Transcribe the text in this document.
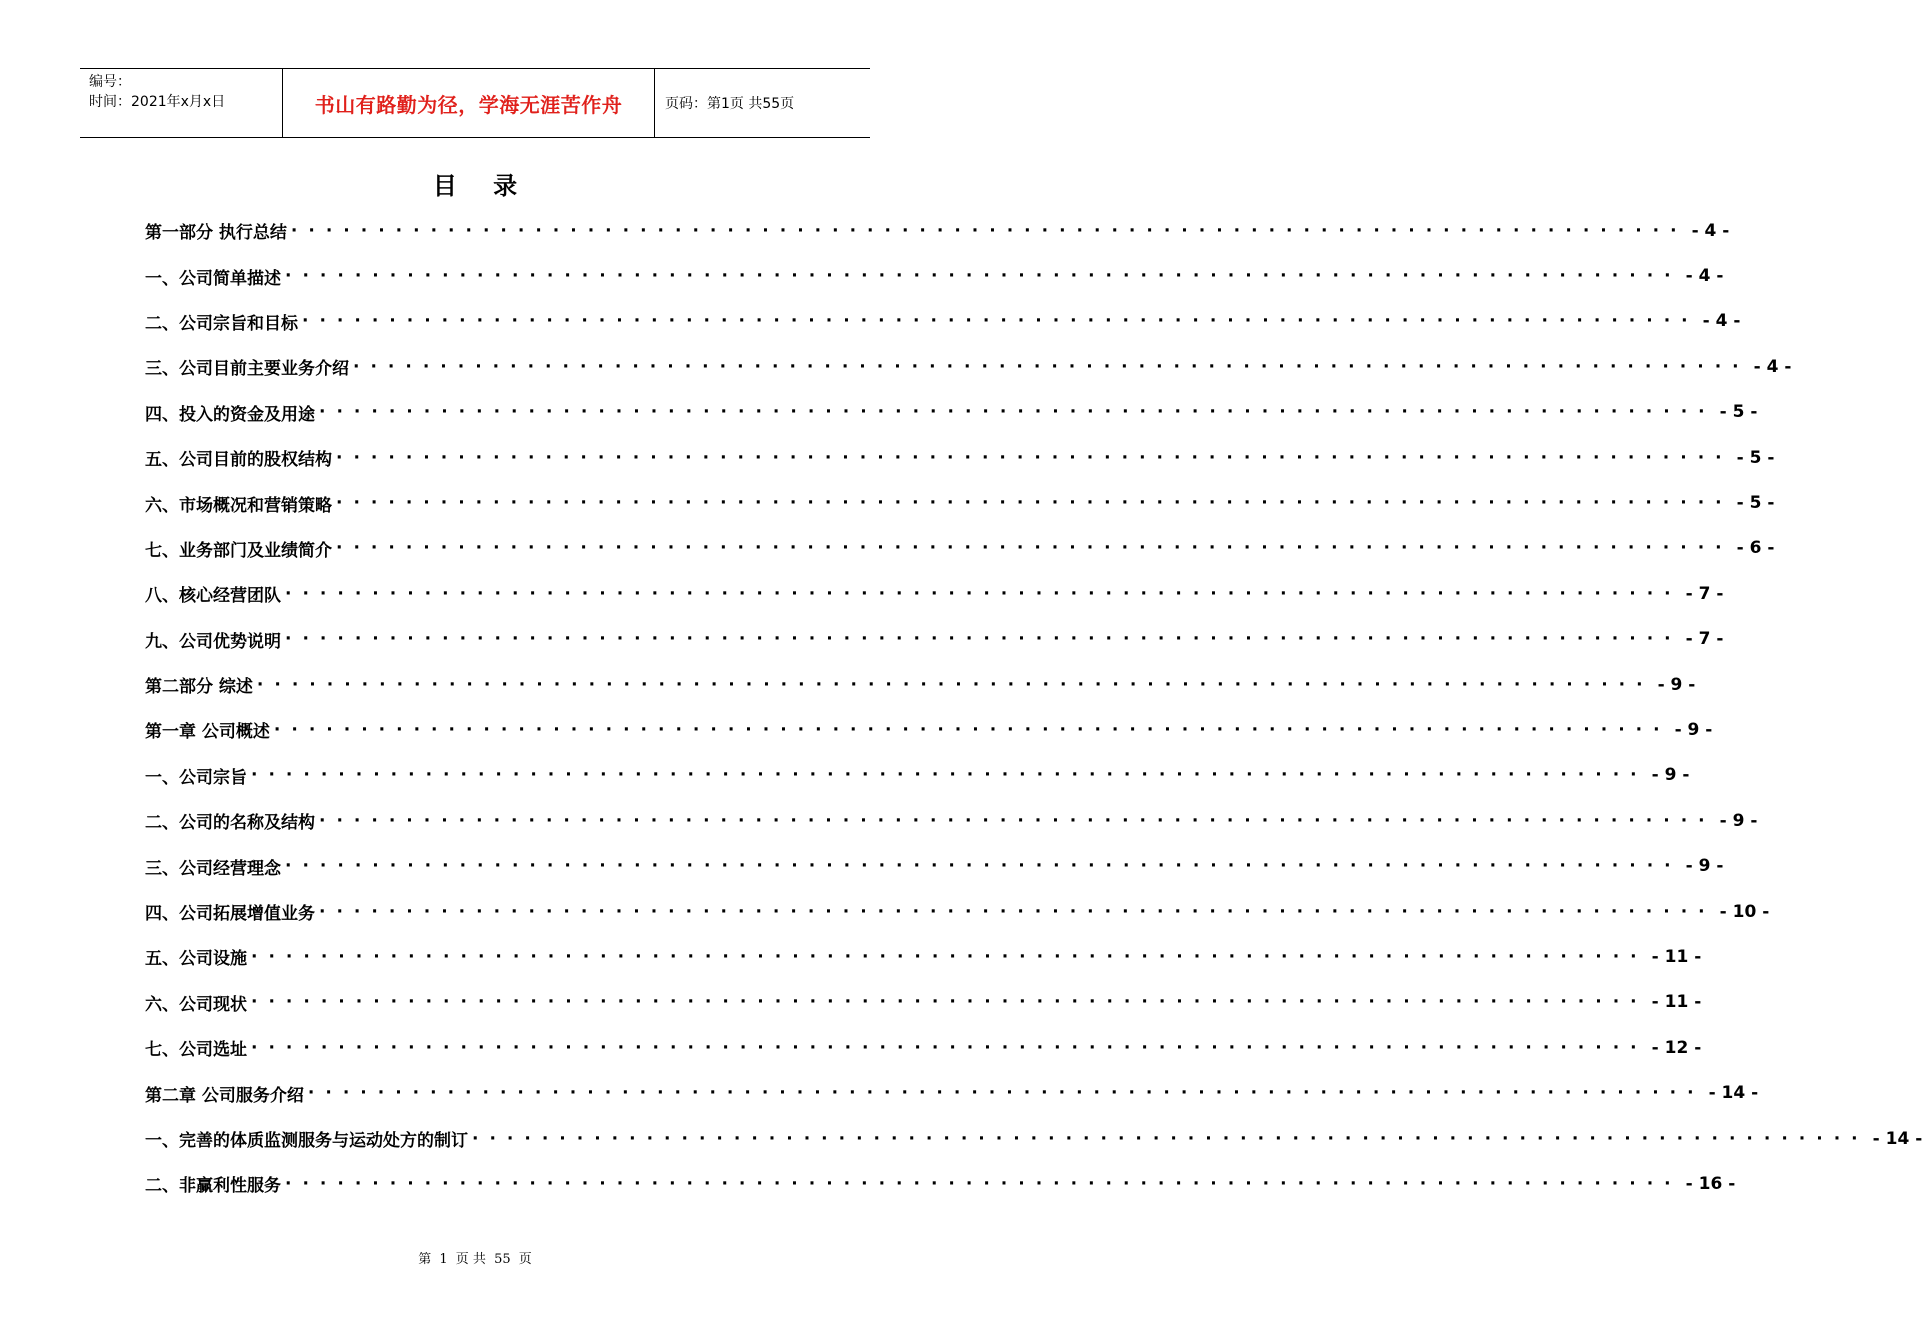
编号：
时间：2021年x月x日	书山有路勤为径，学海无涯苦作舟	页码：第1页 共55页
目 录
第一部分 执行总结 ················································································ - 4 -
一、公司简单描述 ················································································ - 4 -
二、公司宗旨和目标 ················································································ - 4 -
三、公司目前主要业务介绍 ················································································ - 4 -
四、投入的资金及用途 ················································································ - 5 -
五、公司目前的股权结构 ················································································ - 5 -
六、市场概况和营销策略 ················································································ - 5 -
七、业务部门及业绩简介 ················································································ - 6 -
八、核心经营团队 ················································································ - 7 -
九、公司优势说明 ················································································ - 7 -
第二部分 综述 ················································································ - 9 -
第一章 公司概述 ················································································ - 9 -
一、公司宗旨 ················································································ - 9 -
二、公司的名称及结构 ················································································ - 9 -
三、公司经营理念 ················································································ - 9 -
四、公司拓展增值业务 ················································································ - 10 -
五、公司设施 ················································································ - 11 -
六、公司现状 ················································································ - 11 -
七、公司选址 ················································································ - 12 -
第二章 公司服务介绍 ················································································ - 14 -
一、完善的体质监测服务与运动处方的制订 ················································································ - 14 -
二、非赢利性服务 ················································································ - 16 -
第 1 页 共 55 页
